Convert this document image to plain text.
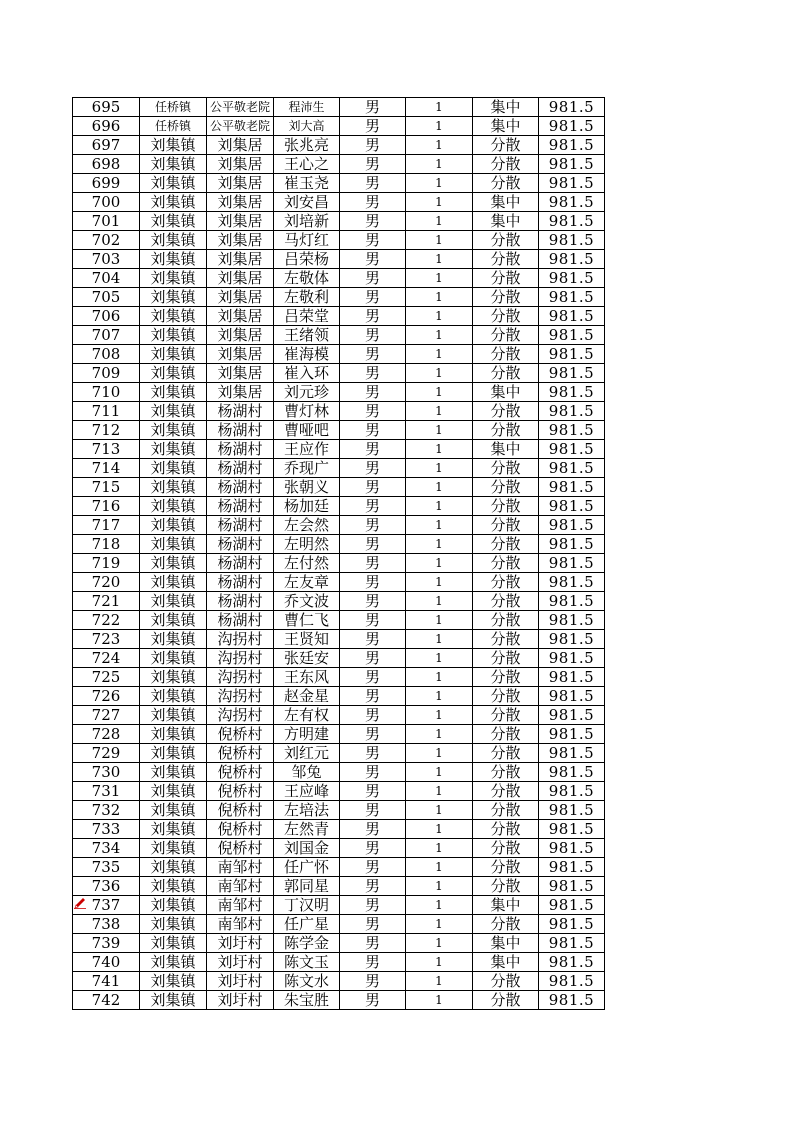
695	任桥镇	公平敬老院	程沛生	男	1	集中	981.5
696	任桥镇	公平敬老院	刘大高	男	1	集中	981.5
697	刘集镇	刘集居	张兆亮	男	1	分散	981.5
698	刘集镇	刘集居	王心之	男	1	分散	981.5
699	刘集镇	刘集居	崔玉尧	男	1	分散	981.5
700	刘集镇	刘集居	刘安昌	男	1	集中	981.5
701	刘集镇	刘集居	刘培新	男	1	集中	981.5
702	刘集镇	刘集居	马灯红	男	1	分散	981.5
703	刘集镇	刘集居	吕荣杨	男	1	分散	981.5
704	刘集镇	刘集居	左敬体	男	1	分散	981.5
705	刘集镇	刘集居	左敬利	男	1	分散	981.5
706	刘集镇	刘集居	吕荣堂	男	1	分散	981.5
707	刘集镇	刘集居	王绪领	男	1	分散	981.5
708	刘集镇	刘集居	崔海模	男	1	分散	981.5
709	刘集镇	刘集居	崔入环	男	1	分散	981.5
710	刘集镇	刘集居	刘元珍	男	1	集中	981.5
711	刘集镇	杨湖村	曹灯林	男	1	分散	981.5
712	刘集镇	杨湖村	曹哑吧	男	1	分散	981.5
713	刘集镇	杨湖村	王应作	男	1	集中	981.5
714	刘集镇	杨湖村	乔现广	男	1	分散	981.5
715	刘集镇	杨湖村	张朝义	男	1	分散	981.5
716	刘集镇	杨湖村	杨加廷	男	1	分散	981.5
717	刘集镇	杨湖村	左会然	男	1	分散	981.5
718	刘集镇	杨湖村	左明然	男	1	分散	981.5
719	刘集镇	杨湖村	左付然	男	1	分散	981.5
720	刘集镇	杨湖村	左友章	男	1	分散	981.5
721	刘集镇	杨湖村	乔文波	男	1	分散	981.5
722	刘集镇	杨湖村	曹仁飞	男	1	分散	981.5
723	刘集镇	沟拐村	王贤知	男	1	分散	981.5
724	刘集镇	沟拐村	张廷安	男	1	分散	981.5
725	刘集镇	沟拐村	王东风	男	1	分散	981.5
726	刘集镇	沟拐村	赵金星	男	1	分散	981.5
727	刘集镇	沟拐村	左有权	男	1	分散	981.5
728	刘集镇	倪桥村	方明建	男	1	分散	981.5
729	刘集镇	倪桥村	刘红元	男	1	分散	981.5
730	刘集镇	倪桥村	邹兔	男	1	分散	981.5
731	刘集镇	倪桥村	王应峰	男	1	分散	981.5
732	刘集镇	倪桥村	左培法	男	1	分散	981.5
733	刘集镇	倪桥村	左然青	男	1	分散	981.5
734	刘集镇	倪桥村	刘国金	男	1	分散	981.5
735	刘集镇	南邹村	任广怀	男	1	分散	981.5
736	刘集镇	南邹村	郭同星	男	1	分散	981.5
737	刘集镇	南邹村	丁汉明	男	1	集中	981.5
738	刘集镇	南邹村	任广星	男	1	分散	981.5
739	刘集镇	刘圩村	陈学金	男	1	集中	981.5
740	刘集镇	刘圩村	陈文玉	男	1	集中	981.5
741	刘集镇	刘圩村	陈文水	男	1	分散	981.5
742	刘集镇	刘圩村	朱宝胜	男	1	分散	981.5
